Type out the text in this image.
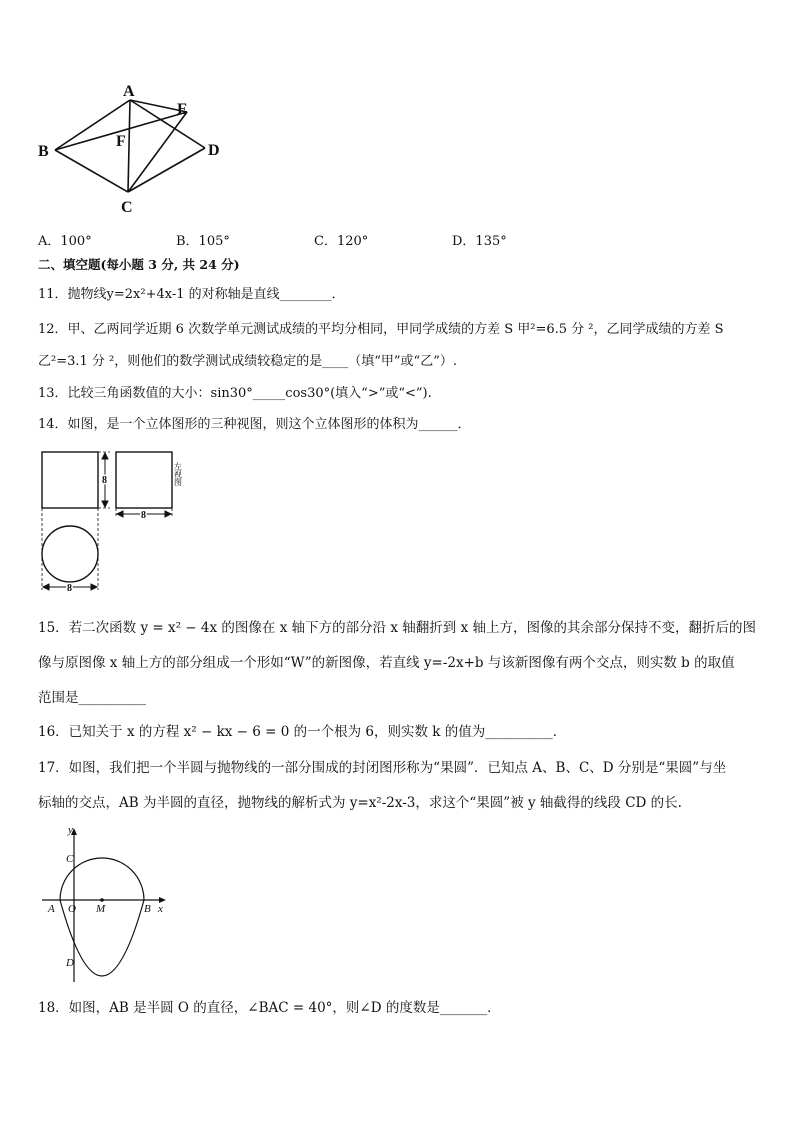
A
B
C
D
E
F
A．100°	B．105°	C．120°	D．135°
二、填空题(每小题 3 分, 共 24 分)
11．抛物线y=2x²+4x-1 的对称轴是直线________．
12．甲、乙两同学近期 6 次数学单元测试成绩的平均分相同，甲同学成绩的方差 S 甲²=6.5 分 ²，乙同学成绩的方差 S
乙²=3.1 分 ²，则他们的数学测试成绩较稳定的是____（填“甲”或“乙”）.
13．比较三角函数值的大小：sin30°_____cos30°(填入“>”或“<”).
14．如图，是一个立体图形的三种视图，则这个立体图形的体积为______．
8
8
8
左视图
15．若二次函数 y = x² − 4x 的图像在 x 轴下方的部分沿 x 轴翻折到 x 轴上方，图像的其余部分保持不变，翻折后的图
像与原图像 x 轴上方的部分组成一个形如“W”的新图像，若直线 y=-2x+b 与该新图像有两个交点，则实数 b 的取值
范围是__________
16．已知关于 x 的方程 x² − kx − 6 = 0 的一个根为 6，则实数 k 的值为__________．
17．如图，我们把一个半圆与抛物线的一部分围成的封闭图形称为“果圆”．已知点 A、B、C、D 分别是“果圆”与坐
标轴的交点，AB 为半圆的直径，抛物线的解析式为 y=x²-2x-3，求这个“果圆”被 y 轴截得的线段 CD 的长.
y
x
A O M	B
C
D
18．如图，AB 是半圆 O 的直径，∠BAC = 40°，则∠D 的度数是_______．
